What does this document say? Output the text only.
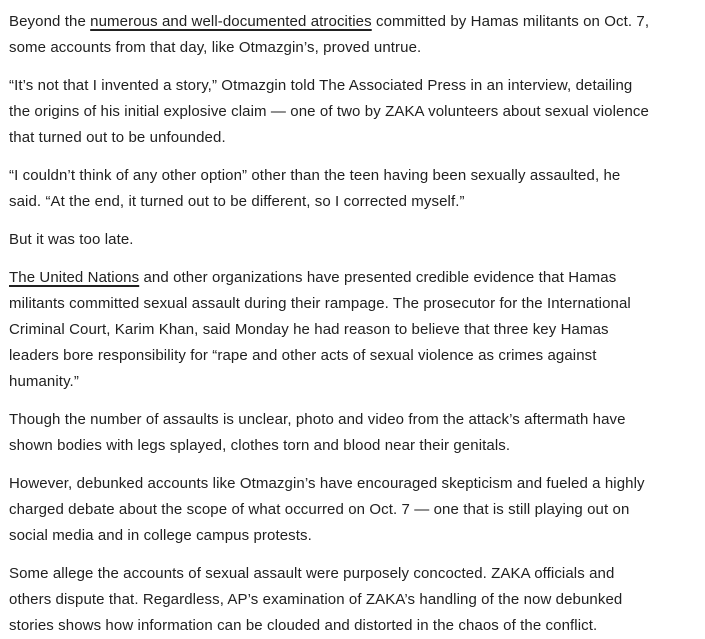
Beyond the numerous and well-documented atrocities committed by Hamas militants on Oct. 7,
some accounts from that day, like Otmazgin’s, proved untrue.

“It’s not that I invented a story,” Otmazgin told The Associated Press in an interview, detailing
the origins of his initial explosive claim — one of two by ZAKA volunteers about sexual violence
that turned out to be unfounded.

“I couldn’t think of any other option” other than the teen having been sexually assaulted, he
said. “At the end, it turned out to be different, so I corrected myself.”

But it was too late.

The United Nations and other organizations have presented credible evidence that Hamas
militants committed sexual assault during their rampage. The prosecutor for the International
Criminal Court, Karim Khan, said Monday he had reason to believe that three key Hamas
leaders bore responsibility for “rape and other acts of sexual violence as crimes against
humanity.”

Though the number of assaults is unclear, photo and video from the attack’s aftermath have
shown bodies with legs splayed, clothes torn and blood near their genitals.

However, debunked accounts like Otmazgin’s have encouraged skepticism and fueled a highly
charged debate about the scope of what occurred on Oct. 7 — one that is still playing out on
social media and in college campus protests.

Some allege the accounts of sexual assault were purposely concocted. ZAKA officials and
others dispute that. Regardless, AP’s examination of ZAKA’s handling of the now debunked
stories shows how information can be clouded and distorted in the chaos of the conflict.
